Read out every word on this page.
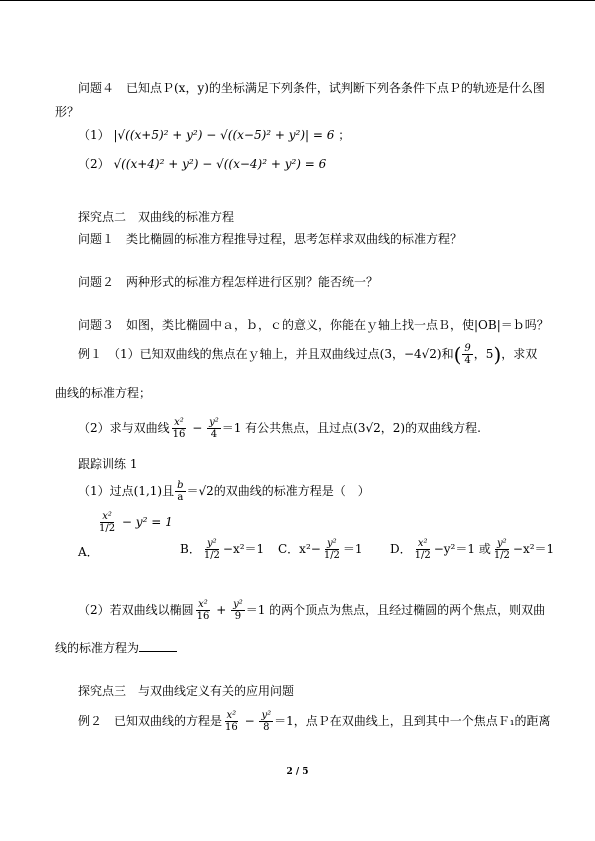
问题４　已知点Ｐ(x，y)的坐标满足下列条件，试判断下列各条件下点Ｐ的轨迹是什么图
形？
（1） |√((x+5)² + y²) − √((x−5)² + y²)| = 6 ；
（2） √((x+4)² + y²) − √((x−4)² + y²) = 6
探究点二　双曲线的标准方程
问题１　类比椭圆的标准方程推导过程，思考怎样求双曲线的标准方程？
问题２　两种形式的标准方程怎样进行区别？能否统一？
问题３　如图，类比椭圆中ａ，ｂ，ｃ的意义，你能在ｙ轴上找一点Ｂ，使|OB|＝ｂ吗？
例１　（1）已知双曲线的焦点在ｙ轴上，并且双曲线过点(3，−4√2)和( $\frac{9}{4}$ ，5)，求双
曲线的标准方程；
（2）求与双曲线 $\frac{\text{x²}}{16} - \frac{\text{y²}}{4} =1$ 有公共焦点，且过点(3√2，2)的双曲线方程.
跟踪训练 1
（1）过点(1,1)且 $\frac{b}{a} =√2$的双曲线的标准方程是（　）
$\frac{\text{x²}}{1/2} - y^2 = 1$
A．	B． $\frac{\text{y²}}{1/2} -x^2=1$ C．$x^2- \frac{\text{y²}}{1/2} =1$ D． $\frac{\text{x²}}{1/2} -y^2=1$ 或 $\frac{\text{y²}}{1/2} -x^2=1$
（2）若双曲线以椭圆 $\frac{\text{x²}}{16} + \frac{\text{y²}}{9} =1$ 的两个顶点为焦点，且经过椭圆的两个焦点，则双曲
线的标准方程为
探究点三　与双曲线定义有关的应用问题
例２　已知双曲线的方程是 $\frac{\text{x²}}{16} - \frac{\text{y²}}{8} =1$，点Ｐ在双曲线上，且到其中一个焦点Ｆ₁的距离
2 / 5
